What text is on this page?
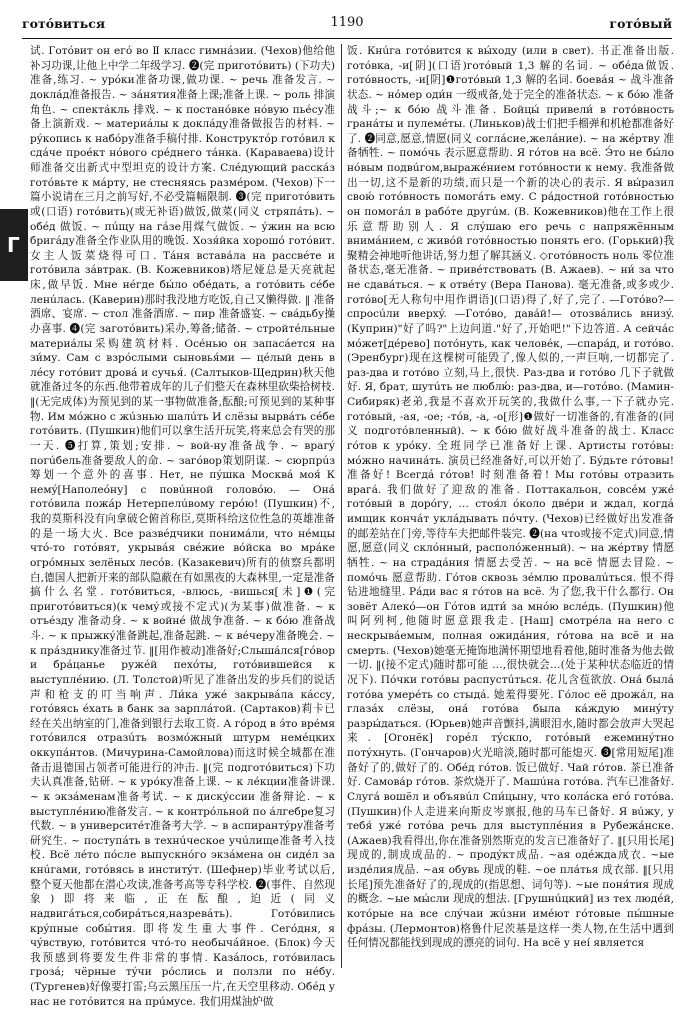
готóвиться	1190	готóвый
Г

试. Готóвит он егó во Ⅱ класс гимнáзии. (Чехов)他给他补习功课,让他上中学二年级学习. ❷(完 приготóвить) (下功夫)准备,练习. ~ урóки准备功课,做功课. ~ речь 准备发言. ~ доклáд准备报告. ~ зáнятия准备上课;准备上课. ~ роль 排演角色. ~ спектáкль 排戏. ~ к постанóвке нóвую пьéсу准备上演新戏. ~ материáлы к доклáду准备做报告的材料. ~ рýкопись к набóру准备手稿付排. Конструктóр готóвил к сдáче проéкт нóвого срéднего тáнка. (Караваева)设计师准备交出新式中型坦克的设计方案. Слéдующий расскáз готóвьте к мáрту, не стесняясь размéром. (Чехов)下一篇小说请在三月之前写好,不必受篇幅限制. ❸(完 приготóвить 或(口语) готóвить)(或无补语)做饭,做菜(同义 стряпáть). ~ обéд 做饭. ~ пúщу на гáзе用煤气做饭. ~ ýжин на всю бригáду准备全作业队用的晚饭. Хозя́йка хорошó готóвит. 女主人饭菜烧得可口. Тáня вставáла на рассвéте и готóвила зáвтрак. (В. Кожевников)塔尼娅总是天亮就起床,做早饭. Мне нéгде бы́ло обéдать, а готóвить сéбе ленúлась. (Каверин)那时我没地方吃饭,自己又懒得做. ‖ 准备酒席、宴席. ~ стол 准备酒席. ~ пир 准备盛宴. ~ свáдьбу操办喜事. ❹(完 заготóвить)采办,筹备;储备. ~ стройтéльные материáлы采购建筑材料. Осéнью он запасáется на зи́му. Сам с взрóслыми сыновья́ми — цéлый день в лéсу готóвит дровá и сучья́. (Салтыков-Щедрин)秋天他就准备过冬的东西.他带着成年的儿子们整天在森林里砍柴拾树枝. ‖(无完成体)为预见到的某一事物做准备,酝酿;可预见到的某种事物. Им мóжно с жúзнью шалúть И слёзы вырвáть сéбе готóвить. (Пушкин)他们可以拿生活开玩笑,将来总会有哭的那一天. ❺打算,策划;安排. ~ вой-ну准备战争. ~ врагý погúбель准备要敌人的命. ~ загóвор策划阴谋. ~ сюрпрúз筹划一个意外的喜事. Нет, не пýшка Москвá моя́ К немý[Наполео́ну] с повúнной головóю. — Онá готóвила пожáр Нетерпелúвому герóю! (Пушкин)不,我的莫斯科没有向拿破仑俯首称臣,莫斯科给这位性急的英雄准备的是一场大火. Все развéдчики понимáли, что нéмцы чтó-то готóвят, укрывáя свéжие вóйска во мрáке огрóмных зелёных лесóв. (Казакевич)所有的侦察兵都明白,德国人把新开来的部队隐蔽在有如黑夜的大森林里,一定是准备搞什么名堂. готóвиться, -влюсь, -вишься[未]❶(完 приготóвиться)(к чемý或接不定式)(为某事)做准备. ~ к отъéзду 准备动身. ~ к войнé 做战争准备. ~ к бóю 准备战斗. ~ к прыжкý准备跳起,准备起跳. ~ к вéчеру准备晚会. ~ к прáзднику准备过节. ‖[用作被动]准备好;Слыша́лся[гóвор и брáцаньe ружéй пехóты, готóвившейся к выступлéнию. (Л. Толстой)听见了准备出发的步兵们的说话声和枪支的叮当响声. Ли́ка ужé закрывáла кáссу, готóвясь éхать в банк за зарплáтой. (Сартаков)莉卡已经在关出纳室的门,准备到银行去取工资. А гóрод в э́то врéмя готóвился отразúть возмóжный штурм немéцких оккупáнтов. (Мичурина-Самойлова)而这时候全城都在准备击退德国占领者可能进行的冲击. ‖(完 подготóвиться)下功夫认真准备,钻研. ~ к урóку准备上课. ~ к лéкции准备讲课. ~ к экзáменам准备考试. ~ к дискýссии 准备辩论. ~ к выступлéнию准备发言. ~ к контрóльной по áлгебре复习代数. ~ в университéт准备考大学. ~ в аспирантýру准备考研究生. ~ поступáть в технúческое учúлище准备考入技校. Всё лéто пóсле выпускнóго экзáмена он сидéл за кнúгами, готóвясь в инститýт. (Шефнер)毕业考试以后,整个夏天他都在潜心攻读,准备考高等专科学校. ❷(事件、自然现象)即将来临,正在酝酿,迫近(同义 надвигáться,собирáться,назревáть). Готóвились крýпные собы́тия. 即将发生重大事件. Сегóдня, я чýвствую, готóвится чтó-то необычáйное. (Блок)今天我预感到将要发生件非常的事情. Казáлось, готóвилась грозá; чёрные тýчи рóслись и ползли по нéбу. (Тургенев)好像要打雷;乌云黑压压一片,在天空里移动. Обéд у нас не готóвится на прúмусе. 我们用煤油炉做

饭. Кнúга готóвится к вы́ходу (или в свет). 书正准备出版. готóвка, -и[阴](口语)готóвый 1,3 解的名词. ~ обéда做饭. готóвность, -и[阴]❶готóвый 1,3 解的名词. боевáя ~ 战斗准备状态. ~ нóмер оди́н 一级戒备,处于完全的准备状态. ~ к бóю 准备战斗;~ к бóю 战斗准备. Бойцы́ привели́ в готóвность гранáты и пулемéты. (Линьков)战士们把手榴弹和机枪都准备好了. ❷同意,愿意,情愿(同义 соглáсие,желáние). ~ на жéртву 准备牺牲. ~ помóчь 表示愿意帮助. Я гóтов на всё. Э́то не бы́ло нóвым подвúгом,выражéнием готóвности к нему. 我准备做出一切,这不是新的功绩,而只是一个新的决心的表示. Я вы́разил свою́ готóвность помогáть ему. С рáдостной готóвностью он помогáл в рабóте другúм. (В. Кожевников)他在工作上很乐意帮助别人. Я слýшаю его речь с напряжённым внимáнием, с живóй готóвностью понять его. (Горький)我聚精会神地听他讲话,努力想了解其涵义. ◇готóвность ноль 零位准备状态,毫无准备. ~ приве́тствовать (В. Ажаев). ~ ни́ за что не сдавáться. ~ к отвéту (Вера Панова). 毫无准备,或多或少. готóво[无人称句中用作谓语](口语)得了,好了,完了. —Готóво?—спросúли вверхý. —Готóво, давáй!— отозвáлись внизý. (Куприн)"好了吗?"上边问道."好了,开始吧!"下边答道. А сейчáс мóжет[дéрево] потóнуть, как человéк, —спарáд, и готóво. (Эренбург)现在这棵树可能毁了,像人似的,一声巨响,一切都完了. раз-два и готóво 立刻,马上,很快. Раз-два и готóво 几下子就做好. Я, брат, шутúть не люблю́: раз-два, и—готóво. (Мамин-Сибиряк)老弟,我是不喜欢开玩笑的,我做什么事,一下子就办完. готóвый, -ая, -ое; -тóв, -а, -о[形]❶做好一切准备的,有准备的(同义 подготóвленный). ~ к бóю 做好战斗准备的战士. Класс гóтов к урóку. 全班同学已准备好上课. Артисты готóвы: мóжно начинáть. 演员已经准备好,可以开始了. Бýдьте гóтовы! 准备好! Всегдá гóтов! 时刻准备着! Мы готóвы отразить врагá. 我们做好了迎敌的准备. Поттакальон, совсéм ужé готóвый в дорóгу, … стоя́л óколо двéри и ждал, когдá имщик кончáт укла́дывать пóчту. (Чехов)已经做好出发准备的邮差站在门旁,等待车夫把邮件装完. ❷(на что或接不定式)同意,情愿,愿意(同义 склóнный, располóженный). ~ на жéртву 情愿牺牲. ~ на страдáния 情愿去受苦. ~ на всё 情愿去冒险. ~ помóчь 愿意帮助. Гóтов сквозь зéмлю провалúться. 恨不得钻进地缝里. Рáди вас я гóтов на всё. 为了您,我干什么都行. Он зовёт Алекó—он Гóтов идти́ за мнóю вслéдь. (Пушкин)他叫阿列柯,他随时愿意跟我走. [Наш] смотрéла на него с нескрывáемым, полная ожидáния, гóтова на всё и на смерть. (Чехов)她毫无掩饰地满怀期望地看着他,随时准备为他去做一切. ‖(接不定式)随时都可能 …,很快就会…(处于某种状态临近的情况下). Пóчки готóвы распустúться. 花儿含苞欲放. Онá былá готóва умерéть со стыдá. 她羞得要死. Гóлос её дрожáл, на глазáх слёзы, онá готóва была кáждую минýту разры́даться. (Юрьев)她声音颤抖,满眼泪水,随时都会放声大哭起来. [Огонёк] горéл тýскло, готóвый ежеминýтно потýхнуть. (Гончаров)火光暗淡,随时都可能熄灭. ❸[常用短尾]准备好了的,做好了的. Обéд гóтов. 饭已做好. Чай гóтов. 茶已准备好. Самовáр гóтов. 茶炊烧开了. Машúна готóва. 汽车已准备好. Слугá вошёл и объявúл Спи́цыну, что колáска егó готóва. (Пушкин)仆人走进来向斯皮岑禀报,他的马车已备好. Я вúжу, у тебя́ ужé готóва речь для выступлéния в Рубежáнске. (Ажаев)我看得出,你在准备别然斯克的发言已准备好了. ‖[只用长尾]现成的,制成成品的. ~ продýкт成品. ~ая одéжда成衣. ~ые издéлия成品. ~ая обувь 现成的鞋. ~ое плáтья 成衣部. ‖[只用长尾]预先准备好了的,现成的(指思想、词句等). ~ые поня́тия 现成的概念. ~ые мы́сли 现成的想法. [Грушнúцкий] из тех людéй, котóрые на все слýчаи жúзни имéют гóтовые пы́шные фрáзы. (Лермонтов)格鲁什尼茨基是这样一类人物,在生活中遇到任何情况都能找到现成的漂亮的词句. На всё у неí является
